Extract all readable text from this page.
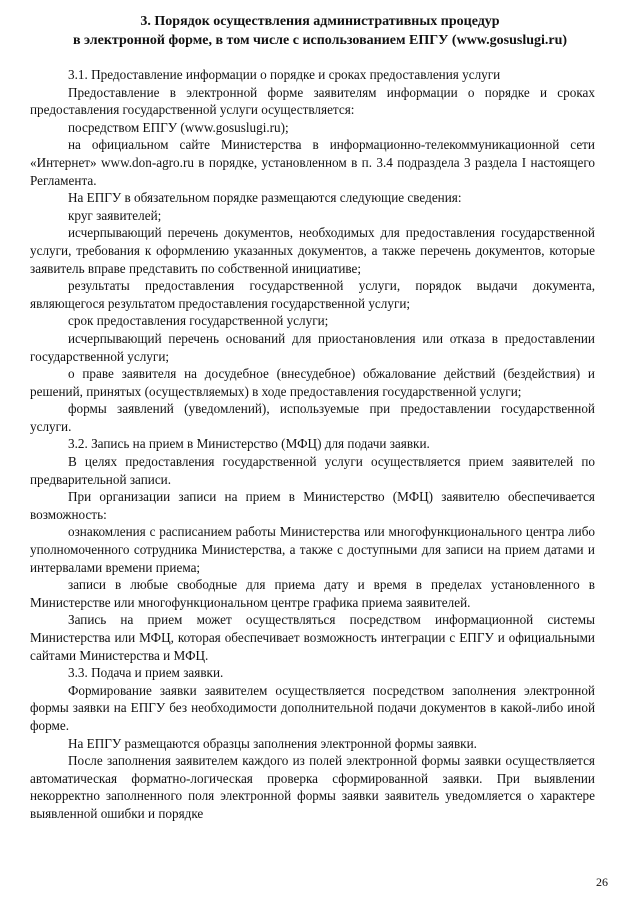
3. Порядок осуществления административных процедур
в электронной форме, в том числе с использованием ЕПГУ (www.gosuslugi.ru)

3.1. Предоставление информации о порядке и сроках предоставления услуги

Предоставление в электронной форме заявителям информации о порядке и сроках предоставления государственной услуги осуществляется:

посредством ЕПГУ (www.gosuslugi.ru);

на официальном сайте Министерства в информационно-телекоммуникационной сети «Интернет» www.don-agro.ru в порядке, установленном в п. 3.4 подраздела 3 раздела I настоящего Регламента.

На ЕПГУ в обязательном порядке размещаются следующие сведения:

круг заявителей;

исчерпывающий перечень документов, необходимых для предоставления государственной услуги, требования к оформлению указанных документов, а также перечень документов, которые заявитель вправе представить по собственной инициативе;

результаты предоставления государственной услуги, порядок выдачи документа, являющегося результатом предоставления государственной услуги;

срок предоставления государственной услуги;

исчерпывающий перечень оснований для приостановления или отказа в предоставлении государственной услуги;

о праве заявителя на досудебное (внесудебное) обжалование действий (бездействия) и решений, принятых (осуществляемых) в ходе предоставления государственной услуги;

формы заявлений (уведомлений), используемые при предоставлении государственной услуги.

3.2. Запись на прием в Министерство (МФЦ) для подачи заявки.

В целях предоставления государственной услуги осуществляется прием заявителей по предварительной записи.

При организации записи на прием в Министерство (МФЦ) заявителю обеспечивается возможность:

ознакомления с расписанием работы Министерства или многофункционального центра либо уполномоченного сотрудника Министерства, а также с доступными для записи на прием датами и интервалами времени приема;

записи в любые свободные для приема дату и время в пределах установленного в Министерстве или многофункциональном центре графика приема заявителей.

Запись на прием может осуществляться посредством информационной системы Министерства или МФЦ, которая обеспечивает возможность интеграции с ЕПГУ и официальными сайтами Министерства и МФЦ.

3.3. Подача и прием заявки.

Формирование заявки заявителем осуществляется посредством заполнения электронной формы заявки на ЕПГУ без необходимости дополнительной подачи документов в какой-либо иной форме.

На ЕПГУ размещаются образцы заполнения электронной формы заявки.

После заполнения заявителем каждого из полей электронной формы заявки осуществляется автоматическая форматно-логическая проверка сформированной заявки. При выявлении некорректно заполненного поля электронной формы заявки заявитель уведомляется о характере выявленной ошибки и порядке

26
